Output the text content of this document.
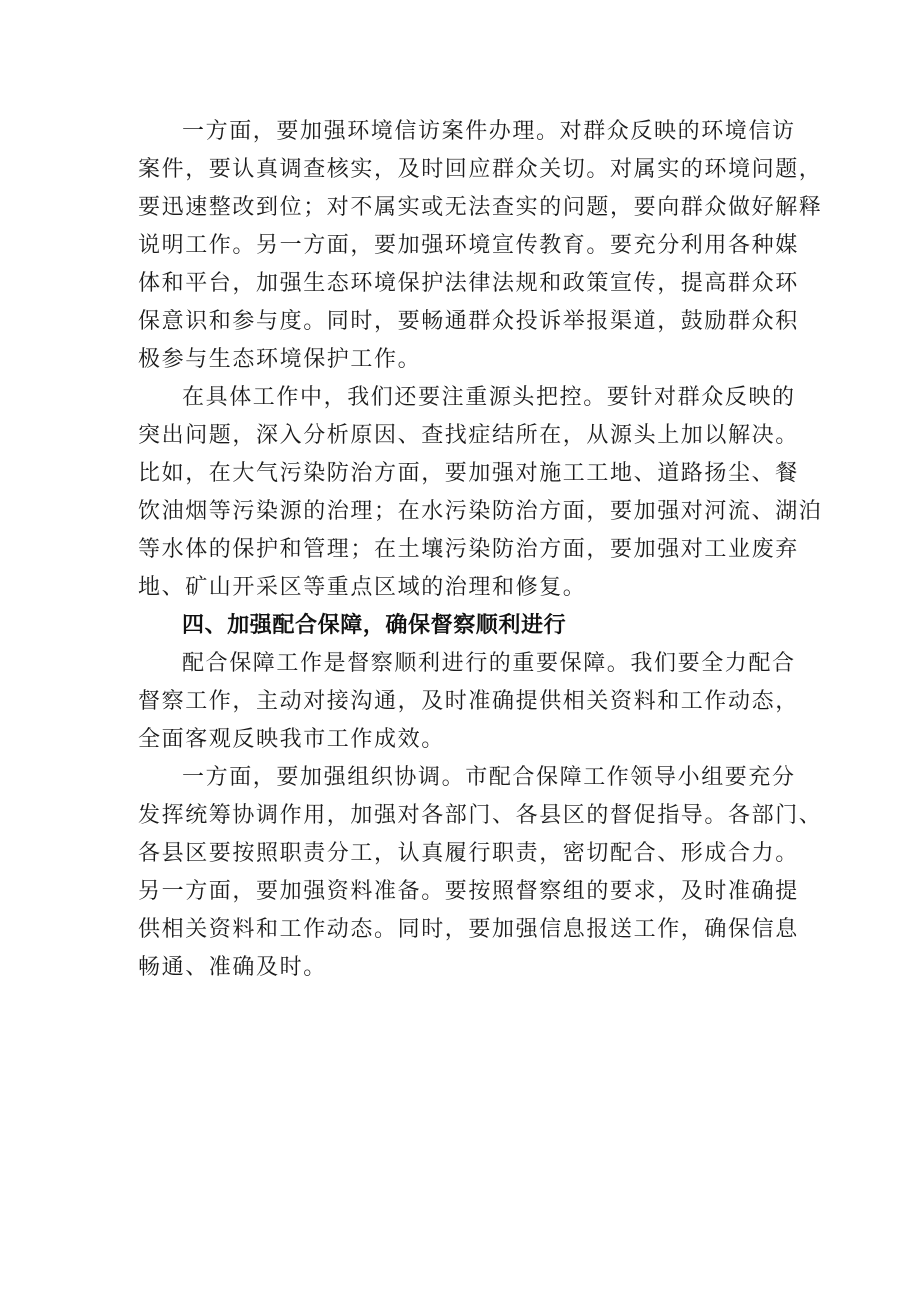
一方面，要加强环境信访案件办理。对群众反映的环境信访
案件，要认真调查核实，及时回应群众关切。对属实的环境问题，
要迅速整改到位；对不属实或无法查实的问题，要向群众做好解释
说明工作。另一方面，要加强环境宣传教育。要充分利用各种媒
体和平台，加强生态环境保护法律法规和政策宣传，提高群众环
保意识和参与度。同时，要畅通群众投诉举报渠道，鼓励群众积
极参与生态环境保护工作。
在具体工作中，我们还要注重源头把控。要针对群众反映的
突出问题，深入分析原因、查找症结所在，从源头上加以解决。
比如，在大气污染防治方面，要加强对施工工地、道路扬尘、餐
饮油烟等污染源的治理；在水污染防治方面，要加强对河流、湖泊
等水体的保护和管理；在土壤污染防治方面，要加强对工业废弃
地、矿山开采区等重点区域的治理和修复。
四、加强配合保障，确保督察顺利进行
配合保障工作是督察顺利进行的重要保障。我们要全力配合
督察工作，主动对接沟通，及时准确提供相关资料和工作动态，
全面客观反映我市工作成效。
一方面，要加强组织协调。市配合保障工作领导小组要充分
发挥统筹协调作用，加强对各部门、各县区的督促指导。各部门、
各县区要按照职责分工，认真履行职责，密切配合、形成合力。
另一方面，要加强资料准备。要按照督察组的要求，及时准确提
供相关资料和工作动态。同时，要加强信息报送工作，确保信息
畅通、准确及时。
